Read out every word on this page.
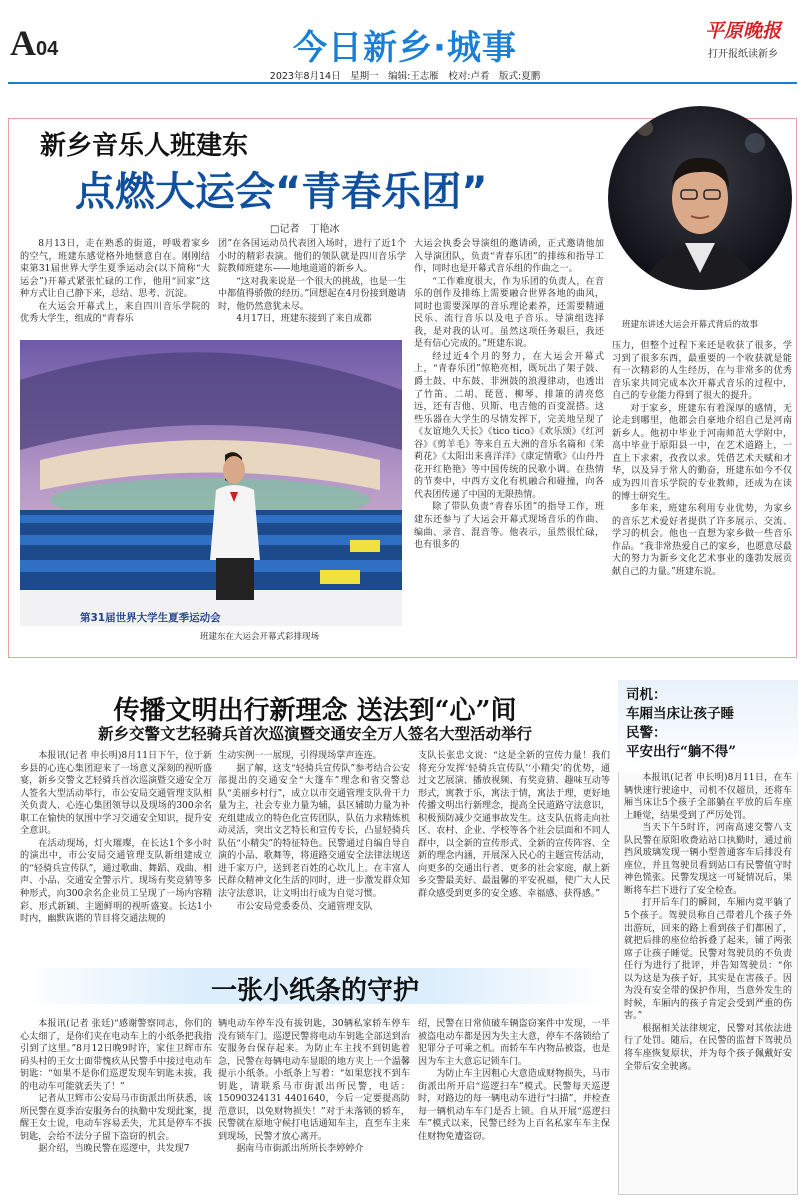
A04	今日新乡·城事	平原晚报
打开报纸读新乡
2023年8月14日　星期一　编辑:王志雁　校对:卢肴　版式:夏鹏
新乡音乐人班建东
点燃大运会“青春乐团”
□记者　丁艳冰
班建东讲述大运会开幕式背后的故事
第31届世界大学生夏季运动会
班建东在大运会开幕式彩排现场

8月13日，走在熟悉的街道，呼吸着家乡的空气，班建东感觉格外地惬意自在。刚刚结束第31届世界大学生夏季运动会(以下简称“大运会”)开幕式紧张忙碌的工作，他用“回家”这种方式让自己静下来，总结、思考、沉淀。

在大运会开幕式上，来自四川音乐学院的优秀大学生，组成的“青春乐

团”在各国运动员代表团入场时，进行了近1个小时的精彩表演。他们的领队就是四川音乐学院教师班建东——地地道道的新乡人。

“这对我来说是一个很大的挑战，也是一生中都值得骄傲的经历。”回想起在4月份接到邀请时，他仍然意犹未尽。

4月17日，班建东接到了来自成都

大运会执委会导演组的邀请函，正式邀请他加入导演团队，负责“青春乐团”的排练和指导工作，同时也是开幕式音乐组的作曲之一。

“工作难度很大，作为乐团的负责人，在音乐的创作及排练上需要融合世界各地的曲风，同时也需要深厚的音乐理论素养，还需要精通民乐、流行音乐以及电子音乐。导演组选择我，是对我的认可。虽然这项任务艰巨，我还是有信心完成的。”班建东说。

经过近4个月的努力，在大运会开幕式上，“青春乐团”惊艳亮相，既玩出了架子鼓、爵士鼓、中东鼓、非洲鼓的浪漫律动，也透出了竹笛、二胡、琵琶、柳琴、排箫的清亮悠远，还有吉他、贝斯、电吉他的百变混搭。这些乐器在大学生的尽情发挥下，完美地呈现了《友谊地久天长》《tico tico》《欢乐颂》《红河谷》《剪羊毛》等来自五大洲的音乐名篇和《茉莉花》《太阳出来喜洋洋》《康定情歌》《山丹丹花开红艳艳》等中国传统的民歌小调。在热情的节奏中，中西方文化有机融合和碰撞，向各代表团传递了中国的无限热情。

除了带队负责“青春乐团”的指导工作，班建东还参与了大运会开幕式现场音乐的作曲、编曲、录音、混音等。他表示，虽然很忙碌，也有很多的

压力，但整个过程下来还是收获了很多，学习到了很多东西，最重要的一个收获就是能有一次精彩的人生经历，在与非常多的优秀音乐家共同完成本次开幕式音乐的过程中，自己的专业能力得到了很大的提升。

对于家乡，班建东有着深厚的感情，无论走到哪里，他都会自豪地介绍自己是河南新乡人。他初中毕业于河南师范大学附中，高中毕业于原阳县一中，在艺术道路上，一直上下求索，孜孜以求。凭借艺术天赋和才华，以及异于常人的勤奋，班建东如今不仅成为四川音乐学院的专业教师，还成为在读的博士研究生。

多年来，班建东利用专业优势，为家乡的音乐艺术爱好者提供了许多展示、交流、学习的机会。他也一直想为家乡做一些音乐作品。“我非常热爱自己的家乡，也愿意尽最大的努力为新乡文化艺术事业的蓬勃发展贡献自己的力量。”班建东说。

传播文明出行新理念 送法到“心”间
新乡交警文艺轻骑兵首次巡演暨交通安全万人签名大型活动举行

本报讯(记者 申长明)8月11日下午，位于新乡县的心连心集团迎来了一场意义深刻的视听盛宴，新乡交警文艺轻骑兵首次巡演暨交通安全万人签名大型活动举行，市公安局交通管理支队相关负责人、心连心集团领导以及现场的300余名职工在愉快的氛围中学习交通安全知识，提升安全意识。

在活动现场，灯火璀璨，在长达1个多小时的演出中，市公安局交通管理支队新组建成立的“轻骑兵宣传队”，通过歌曲、舞蹈、戏曲、相声、小品、交通安全警示片、现场有奖竞猜等多种形式，向300余名企业员工呈现了一场内容精彩、形式新颖、主题鲜明的视听盛宴。长达1小时内，幽默诙谐的节目将交通法规的

生动实例一一展现，引得现场掌声连连。

据了解，这支“轻骑兵宣传队”参考结合公安部提出的交通安全“大篷车”理念和省交警总队“美丽乡村行”，成立以市交通管理支队骨干力量为主，社会专业力量为辅，县区辅助力量为补充组建成立的特色化宣传团队，队伍力求精炼机动灵活，突出文艺特长和宣传专长，凸显轻骑兵队伍“小精尖”的特征特色。民警通过自编自导自演的小品、歌舞等，将道路交通安全法律法规送进千家万户，送到老百姓的心坎儿上。在丰富人民群众精神文化生活的同时，进一步激发群众知法守法意识，让文明出行成为自觉习惯。

市公安局党委委员、交通管理支队

支队长张忠文说：“这是全新的宣传力量！我们将充分发挥‘轻骑兵宣传队’‘小精尖’的优势，通过文艺展演、播放视频、有奖竞猜、趣味互动等形式，寓教于乐，寓法于情，寓法于理，更好地传播文明出行新理念，提高全民道路守法意识，积极预防减少交通事故发生。这支队伍将走向社区、农村、企业、学校等各个社会层面和不同人群中，以全新的宣传形式、全新的宣传阵容、全新的理念内涵，开展深入民心的主题宣传活动，向更多的交通出行者、更多的社会家庭，献上新乡交警最美好、最温馨的平安祝福，使广大人民群众感受到更多的安全感、幸福感、获得感。”

一张小纸条的守护

本报讯(记者 张廷)“感谢警察同志，你们的心太细了，是你们夹在电动车上的小纸条把我指引到了这里。”8月12日晚9时许，家住卫辉市东码头村的王女士面带愧疚从民警手中接过电动车钥匙：“如果不是你们巡逻发现车钥匙未拔，我的电动车可能就丢失了！”

记者从卫辉市公安局马市街派出所获悉，该所民警在夏季治安服务台的执勤中发现此案，提醒王女士说，电动车容易丢失，尤其是停车不拔钥匙，会给不法分子留下盗窃的机会。

据介绍，当晚民警在巡逻中，共发现7

辆电动车停车没有拔钥匙，30辆私家轿车停车没有锁车门。巡逻民警将电动车钥匙全部送到治安服务台保存起来。为防止车主找不到钥匙着急，民警在每辆电动车显眼的地方夹上一个温馨提示小纸条。小纸条上写着：“如果您找不到车钥匙，请联系马市街派出所民警，电话：15090324131 4401640，今后一定要提高防范意识，以免财物损失！”对于未落锁的轿车，民警就在原地守候打电话通知车主，直至车主来到现场，民警才放心离开。

据南马市街派出所所长李婷婷介

绍，民警在日常侦破车辆盗窃案件中发现，一半被盗电动车都是因为失主大意，停车不落锁给了犯罪分子可乘之机。而轿车车内物品被盗，也是因为车主大意忘记锁车门。

为防止车主因粗心大意造成财物损失，马市街派出所开启“巡逻扫车”模式。民警每天巡逻时，对路边的每一辆电动车进行“扫描”，并检查每一辆机动车车门是否上锁。自从开展“巡逻扫车”模式以来，民警已经为上百名私家车车主保住财物免遭盗窃。

司机：
车厢当床让孩子睡
民警：
平安出行“躺不得”

本报讯(记者 申长明)8月11日，在车辆快速行驶途中，司机不仅超员，还将车厢当床让5个孩子全部躺在平放的后车座上睡觉，结果受到了严厉处罚。

当天下午5时许，河南高速交警八支队民警在原阳收费站站口执勤时，通过前挡风玻璃发现一辆小型普通客车后排没有座位，并且驾驶员看到站口有民警值守时神色慌张。民警发现这一可疑情况后，果断将车拦下进行了安全检查。

打开后车门的瞬间，车厢内竟平躺了5个孩子。驾驶员称自己带着几个孩子外出游玩，回来的路上看到孩子们都困了，就把后排的座位给拆叠了起来，铺了两张席子让孩子睡觉。民警对驾驶员的不负责任行为进行了批评，并告知驾驶员：“你以为这是为孩子好，其实是在害孩子。因为没有安全带的保护作用，当意外发生的时候，车厢内的孩子肯定会受到严重的伤害。”

根据相关法律规定，民警对其依法进行了处罚。随后，在民警的监督下驾驶员将车座恢复原状，并为每个孩子佩戴好安全带后安全驶离。
